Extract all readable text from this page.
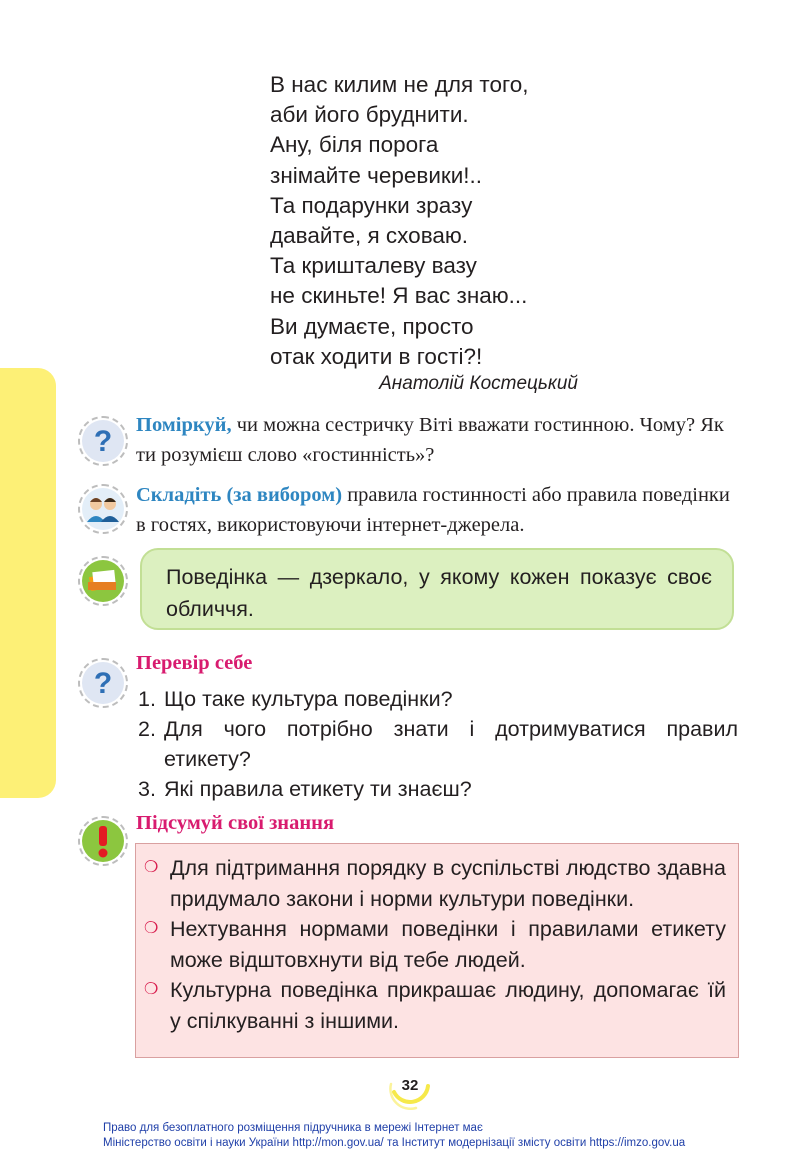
В нас килим не для того,
аби його бруднити.
Ану, біля порога
знімайте черевики!..
Та подарунки зразу
давайте, я сховаю.
Та кришталеву вазу
не скиньте! Я вас знаю...
Ви думаєте, просто
отак ходити в гості?!
Анатолій Костецький
? Поміркуй, чи можна сестричку Віті вважати гостинною. Чому? Як ти розумієш слово «гостинність»?
Складіть (за вибором) правила гостинності або правила поведінки в гостях, використовуючи інтернет-джерела.
Поведінка — дзеркало, у якому кожен показує своє обличчя.
?
Перевір себе
1. Що таке культура поведінки?
2. Для чого потрібно знати і дотримуватися правил етикету?
3. Які правила етикету ти знаєш?
Підсумуй свої знання
❍ Для підтримання порядку в суспільстві людство здавна придумало закони і норми культури поведінки.
❍ Нехтування нормами поведінки і правилами етикету може відштовхнути від тебе людей.
❍ Культурна поведінка прикрашає людину, допомагає їй у спілкуванні з іншими.
32
Право для безоплатного розміщення підручника в мережі Інтернет має
Міністерство освіти і науки України http://mon.gov.ua/ та Інститут модернізації змісту освіти https://imzo.gov.ua
